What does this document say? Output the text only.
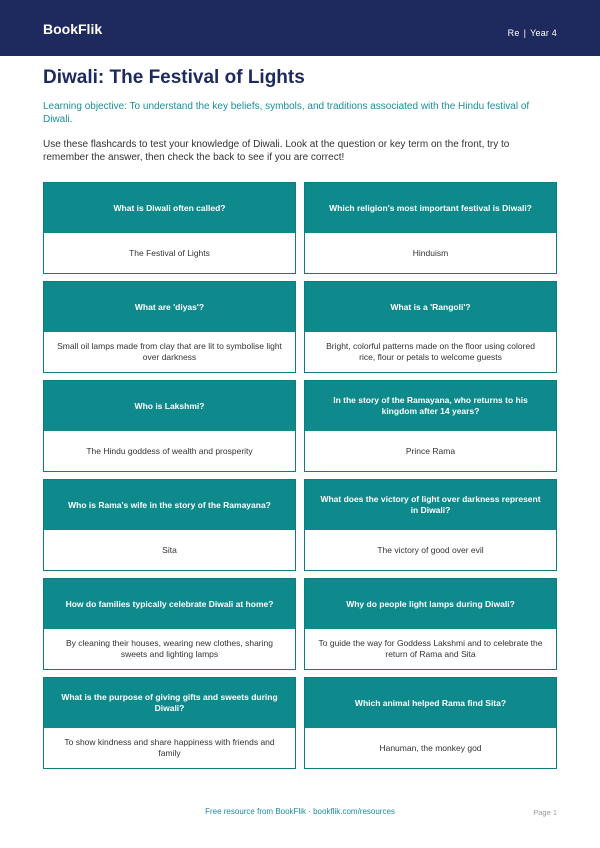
BookFlik	Re | Year 4
Diwali: The Festival of Lights
Learning objective: To understand the key beliefs, symbols, and traditions associated with the Hindu festival of Diwali.
Use these flashcards to test your knowledge of Diwali. Look at the question or key term on the front, try to remember the answer, then check the back to see if you are correct!
What is Diwali often called?
The Festival of Lights
Which religion's most important festival is Diwali?
Hinduism
What are 'diyas'?
Small oil lamps made from clay that are lit to symbolise light over darkness
What is a 'Rangoli'?
Bright, colorful patterns made on the floor using colored rice, flour or petals to welcome guests
Who is Lakshmi?
The Hindu goddess of wealth and prosperity
In the story of the Ramayana, who returns to his kingdom after 14 years?
Prince Rama
Who is Rama's wife in the story of the Ramayana?
Sita
What does the victory of light over darkness represent in Diwali?
The victory of good over evil
How do families typically celebrate Diwali at home?
By cleaning their houses, wearing new clothes, sharing sweets and lighting lamps
Why do people light lamps during Diwali?
To guide the way for Goddess Lakshmi and to celebrate the return of Rama and Sita
What is the purpose of giving gifts and sweets during Diwali?
To show kindness and share happiness with friends and family
Which animal helped Rama find Sita?
Hanuman, the monkey god
Free resource from BookFlik · bookflik.com/resources	Page 1
